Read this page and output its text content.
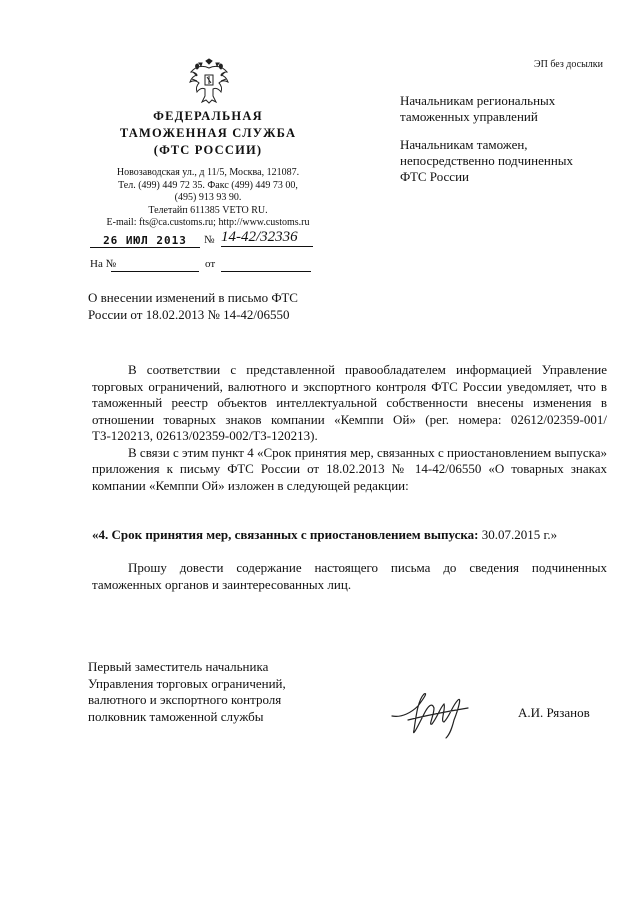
ЭП без досылки
ФЕДЕРАЛЬНАЯ
ТАМОЖЕННАЯ СЛУЖБА
(ФТС РОССИИ)
Новозаводская ул., д 11/5, Москва, 121087.
Тел. (499) 449 72 35. Факс (499) 449 73 00,
(495) 913 93 90.
Телетайп 611385 VETO RU.
E-mail: fts@ca.customs.ru; http://www.customs.ru
26 ИЮЛ 2013	№ 14-42/32336
На №	от

Начальникам региональных таможенных управлений

Начальникам таможен, непосредственно подчиненных ФТС России

О внесении изменений в письмо ФТС России от 18.02.2013 № 14-42/06550

В соответствии с представленной правообладателем информацией Управление торговых ограничений, валютного и экспортного контроля ФТС России уведомляет, что в таможенный реестр объектов интеллектуальной собственности внесены изменения в отношении товарных знаков компании «Кемппи Ой» (рег. номера: 02612/02359-001/ТЗ-120213, 02613/02359-002/ТЗ-120213).

В связи с этим пункт 4 «Срок принятия мер, связанных с приостановлением выпуска» приложения к письму ФТС России от 18.02.2013 № 14-42/06550 «О товарных знаках компании «Кемппи Ой» изложен в следующей редакции:

«4. Срок принятия мер, связанных с приостановлением выпуска: 30.07.2015 г.»
Прошу довести содержание настоящего письма до сведения подчиненных таможенных органов и заинтересованных лиц.
Первый заместитель начальника
Управления торговых ограничений,
валютного и экспортного контроля
полковник таможенной службы	А.И. Рязанов
